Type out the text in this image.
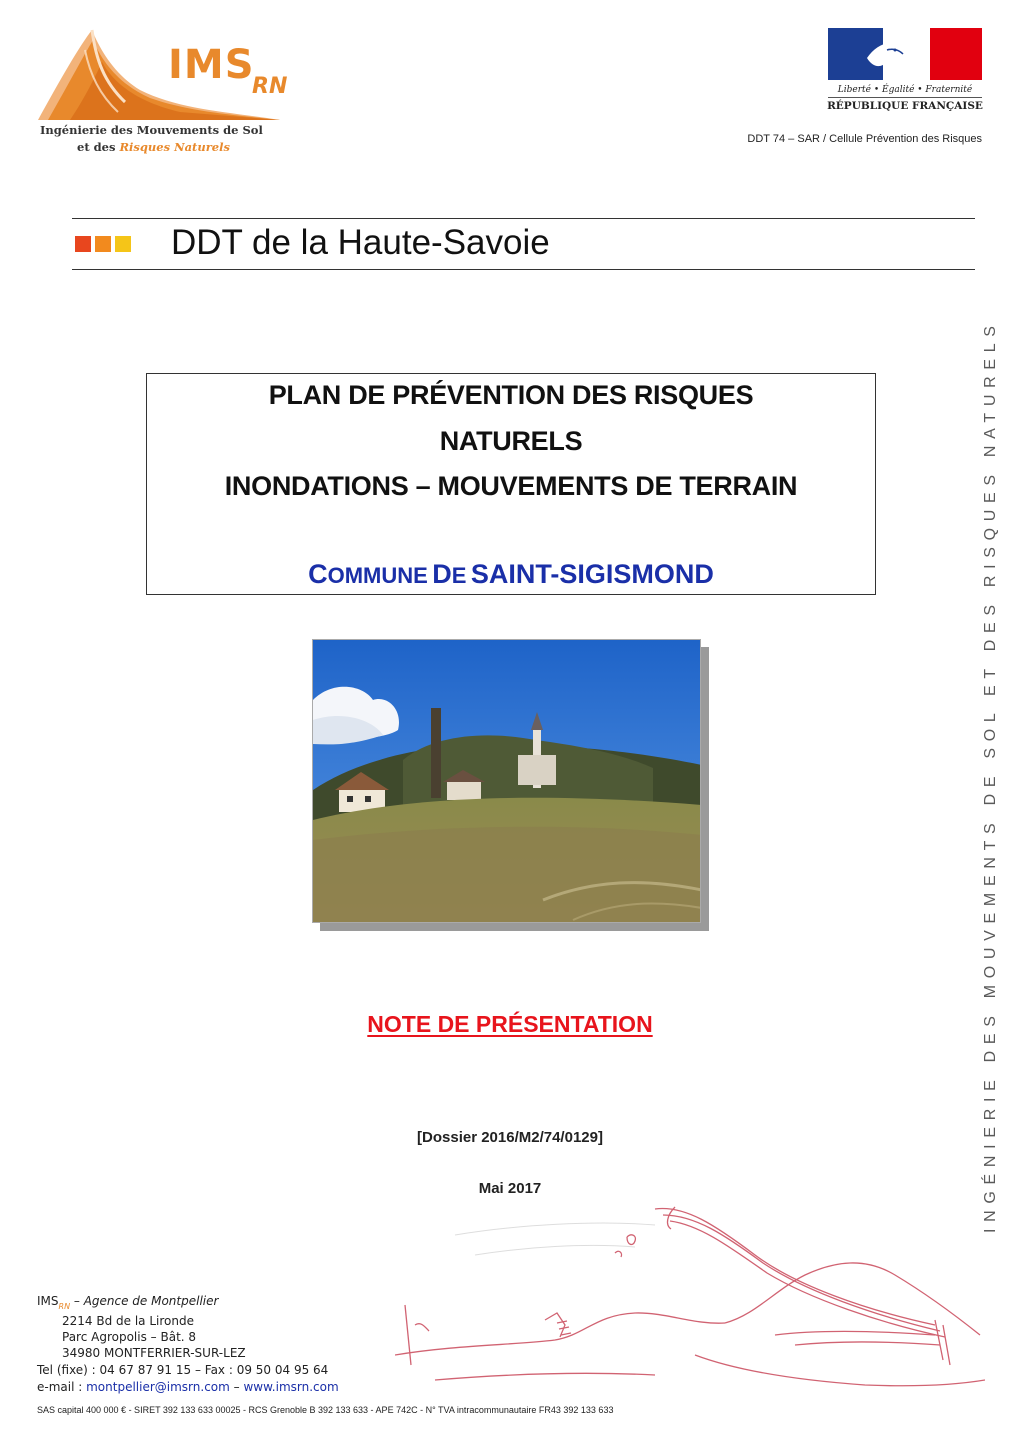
IMS
RN
Ingénierie des Mouvements de Sol
et des Risques Naturels
Liberté • Égalité • Fraternité
RÉPUBLIQUE FRANÇAISE
DDT 74 – SAR / Cellule Prévention des Risques
DDT de la Haute-Savoie
INGÉNIERIE DES MOUVEMENTS DE SOL ET DES RISQUES NATURELS
PLAN DE PRÉVENTION DES RISQUES
NATURELS
INONDATIONS – MOUVEMENTS DE TERRAIN
COMMUNE DE SAINT-SIGISMOND
NOTE DE PRÉSENTATION
[Dossier 2016/M2/74/0129]
Mai 2017
$IMS_{RN}$ – Agence de Montpellier
2214 Bd de la Lironde
Parc Agropolis – Bât. 8
34980 MONTFERRIER-SUR-LEZ
Tel (fixe) : 04 67 87 91 15 – Fax : 09 50 04 95 64
e-mail : montpellier@imsrn.com – www.imsrn.com
SAS capital 400 000 € - SIRET 392 133 633 00025 - RCS Grenoble B 392 133 633 - APE 742C - N° TVA intracommunautaire FR43 392 133 633
